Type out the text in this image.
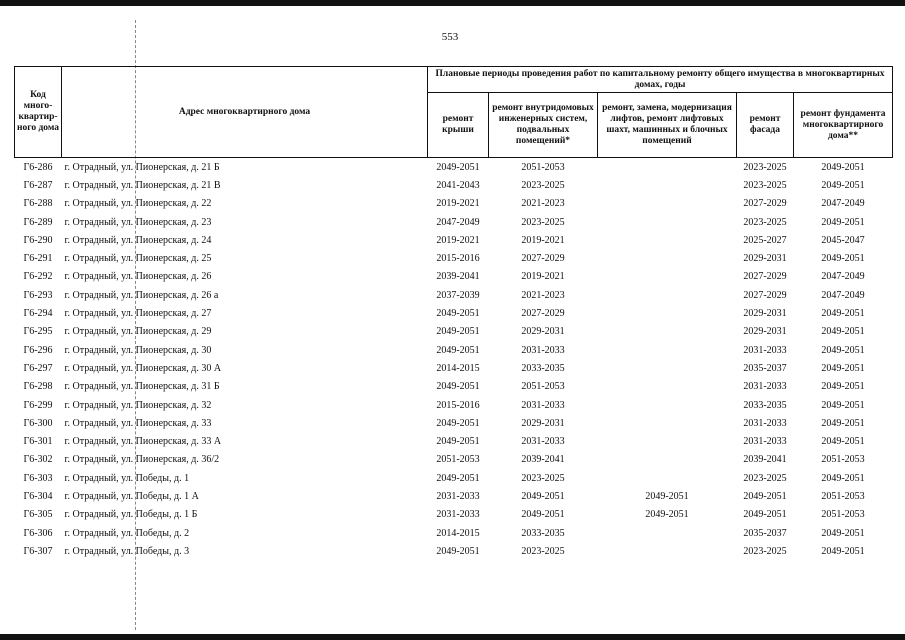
553
Код много-квартир-ного дома	Адрес многоквартирного дома	Плановые периоды проведения работ по капитальному ремонту общего имущества в многоквартирных домах, годы				
		ремонт крыши	ремонт внутридомовых инженерных систем, подвальных помещений*	ремонт, замена, модернизация лифтов, ремонт лифтовых шахт, машинных и блочных помещений	ремонт фасада	ремонт фундамента многоквартирного дома**
Г6-286	г. Отрадный, ул. Пионерская, д. 21 Б	2049-2051	2051-2053		2023-2025	2049-2051
Г6-287	г. Отрадный, ул. Пионерская, д. 21 В	2041-2043	2023-2025		2023-2025	2049-2051
Г6-288	г. Отрадный, ул. Пионерская, д. 22	2019-2021	2021-2023		2027-2029	2047-2049
Г6-289	г. Отрадный, ул. Пионерская, д. 23	2047-2049	2023-2025		2023-2025	2049-2051
Г6-290	г. Отрадный, ул. Пионерская, д. 24	2019-2021	2019-2021		2025-2027	2045-2047
Г6-291	г. Отрадный, ул. Пионерская, д. 25	2015-2016	2027-2029		2029-2031	2049-2051
Г6-292	г. Отрадный, ул. Пионерская, д. 26	2039-2041	2019-2021		2027-2029	2047-2049
Г6-293	г. Отрадный, ул. Пионерская, д. 26 а	2037-2039	2021-2023		2027-2029	2047-2049
Г6-294	г. Отрадный, ул. Пионерская, д. 27	2049-2051	2027-2029		2029-2031	2049-2051
Г6-295	г. Отрадный, ул. Пионерская, д. 29	2049-2051	2029-2031		2029-2031	2049-2051
Г6-296	г. Отрадный, ул. Пионерская, д. 30	2049-2051	2031-2033		2031-2033	2049-2051
Г6-297	г. Отрадный, ул. Пионерская, д. 30 А	2014-2015	2033-2035		2035-2037	2049-2051
Г6-298	г. Отрадный, ул. Пионерская, д. 31 Б	2049-2051	2051-2053		2031-2033	2049-2051
Г6-299	г. Отрадный, ул. Пионерская, д. 32	2015-2016	2031-2033		2033-2035	2049-2051
Г6-300	г. Отрадный, ул. Пионерская, д. 33	2049-2051	2029-2031		2031-2033	2049-2051
Г6-301	г. Отрадный, ул. Пионерская, д. 33 А	2049-2051	2031-2033		2031-2033	2049-2051
Г6-302	г. Отрадный, ул. Пионерская, д. 36/2	2051-2053	2039-2041		2039-2041	2051-2053
Г6-303	г. Отрадный, ул. Победы, д. 1	2049-2051	2023-2025		2023-2025	2049-2051
Г6-304	г. Отрадный, ул. Победы, д. 1 А	2031-2033	2049-2051	2049-2051	2049-2051	2051-2053
Г6-305	г. Отрадный, ул. Победы, д. 1 Б	2031-2033	2049-2051	2049-2051	2049-2051	2051-2053
Г6-306	г. Отрадный, ул. Победы, д. 2	2014-2015	2033-2035		2035-2037	2049-2051
Г6-307	г. Отрадный, ул. Победы, д. 3	2049-2051	2023-2025		2023-2025	2049-2051
